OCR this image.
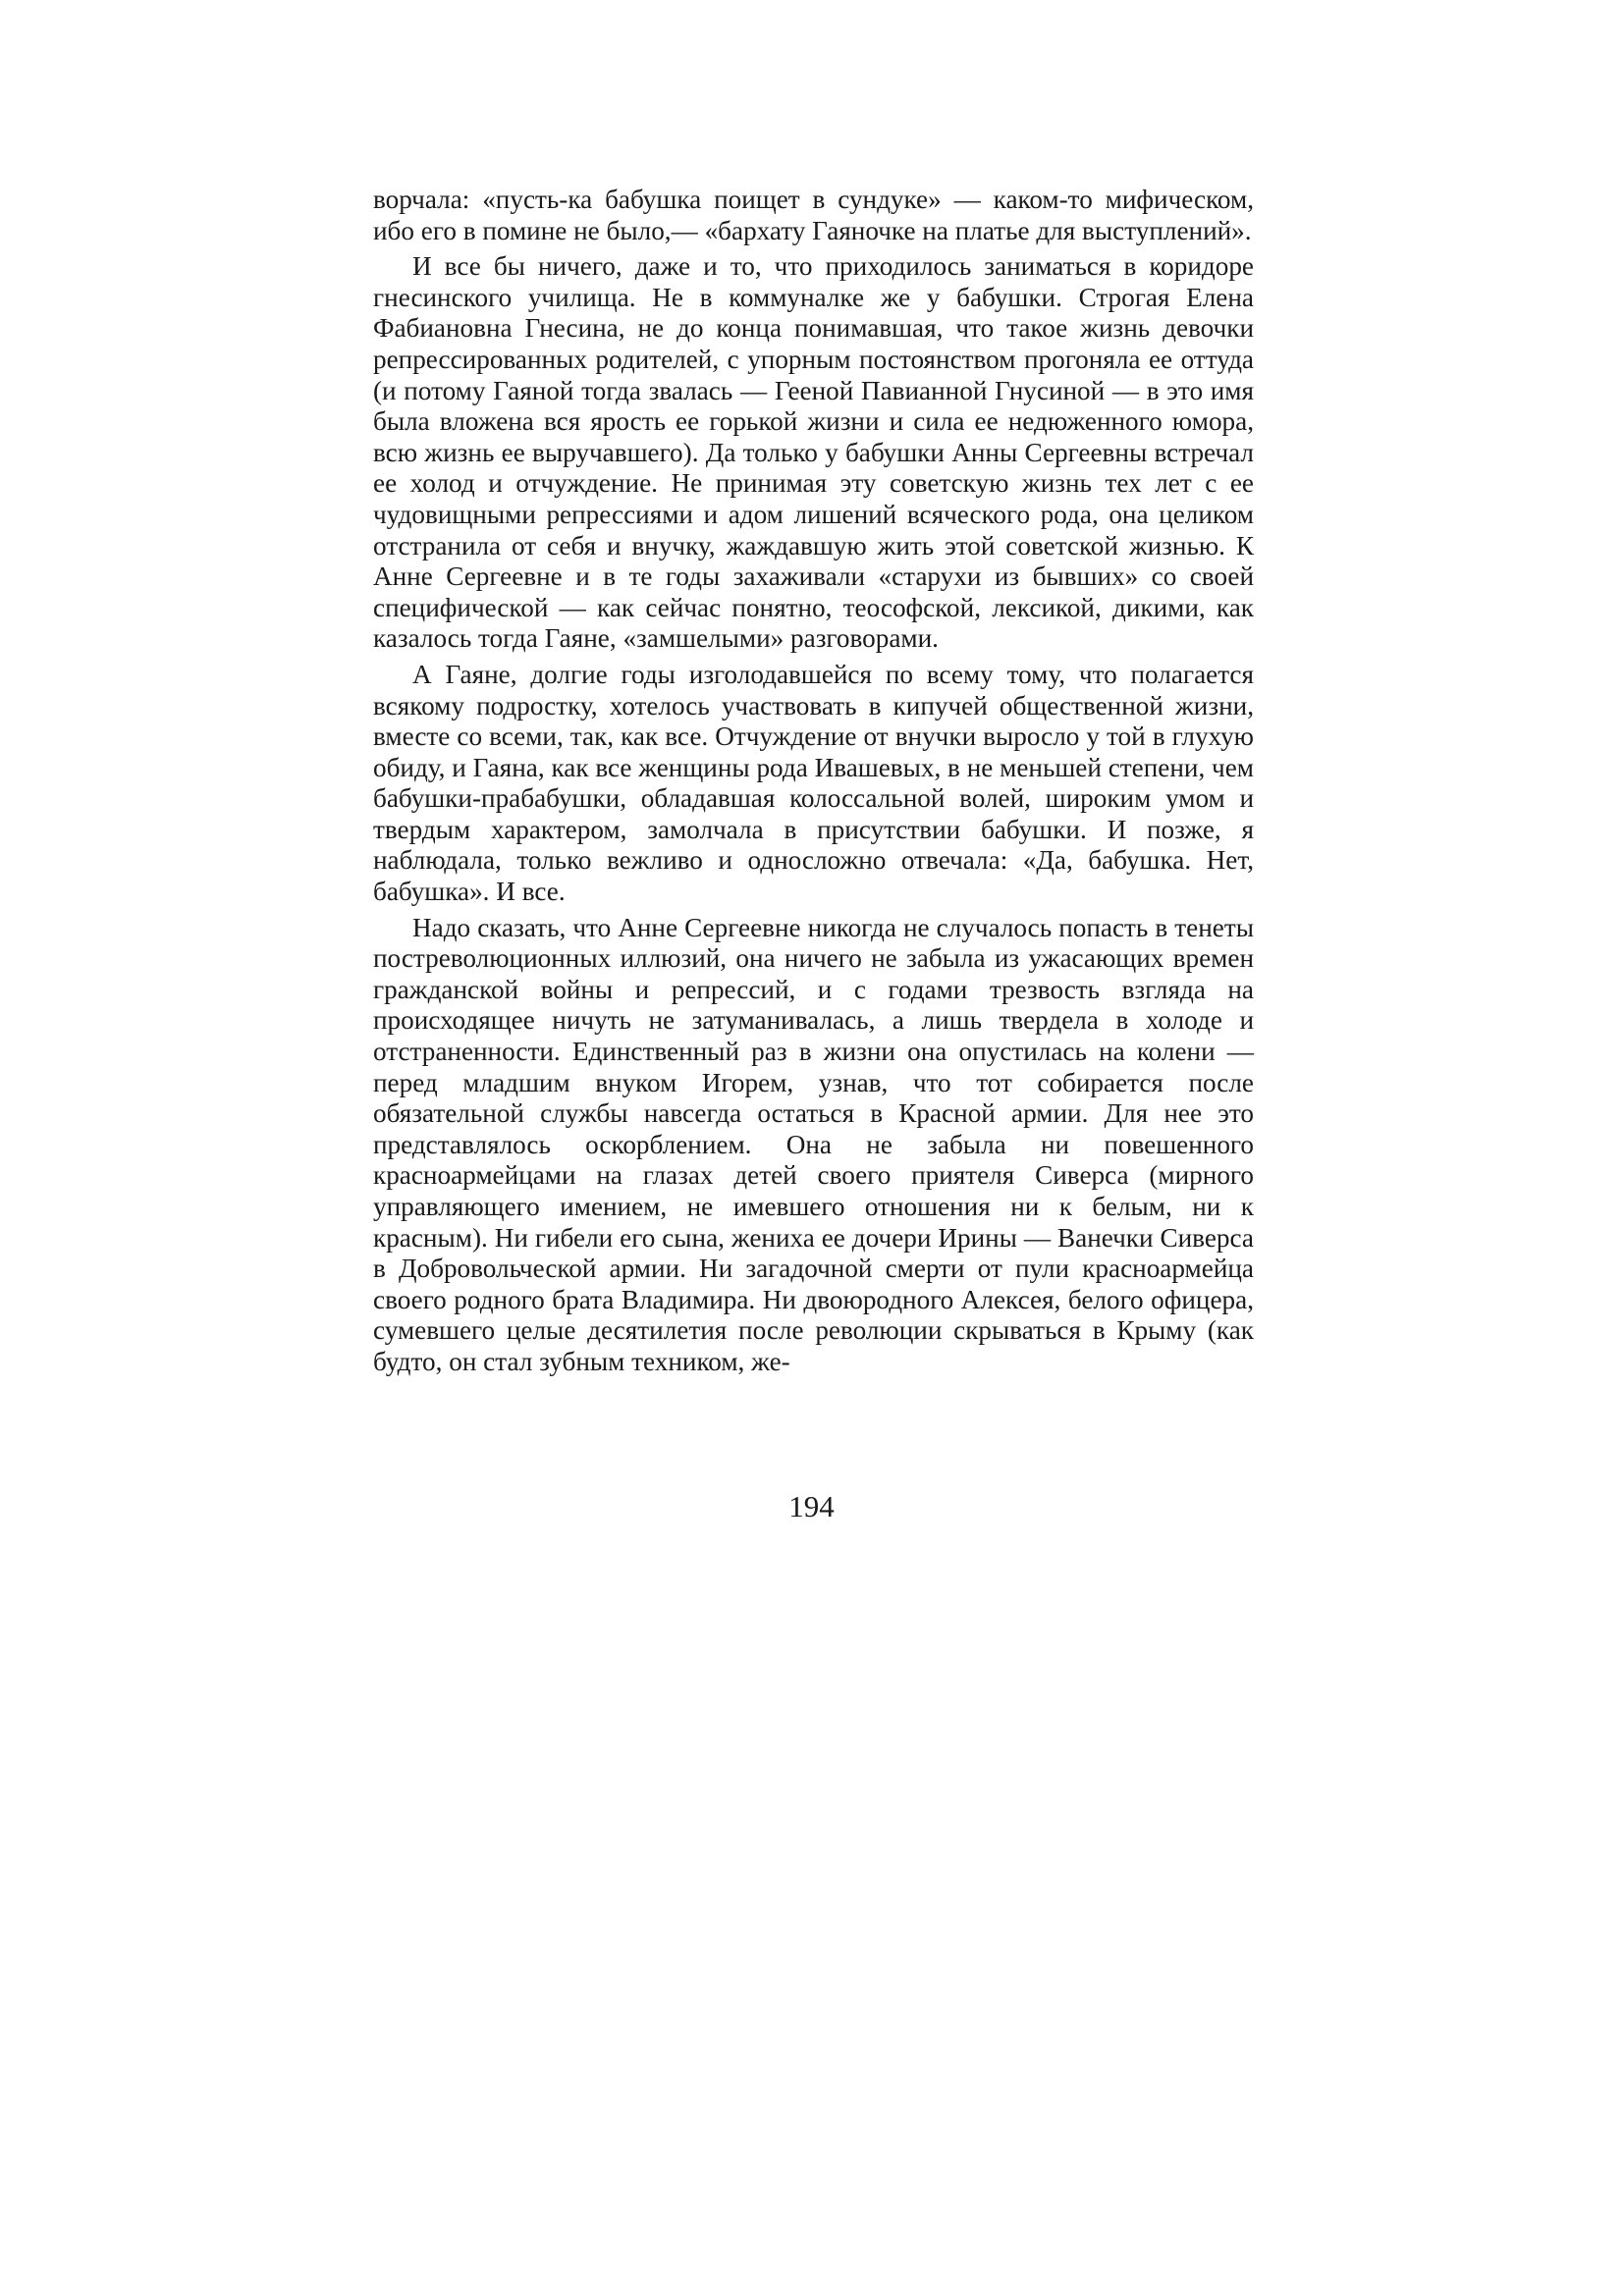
ворчала: «пусть-ка бабушка поищет в сундуке» — каком-то мифическом, ибо его в помине не было,— «бархату Гаяночке на платье для выступлений».

И все бы ничего, даже и то, что приходилось заниматься в коридоре гнесинского училища. Не в коммуналке же у бабушки. Строгая Елена Фабиановна Гнесина, не до конца понимавшая, что такое жизнь девочки репрессированных родителей, с упорным постоянством прогоняла ее оттуда (и потому Гаяной тогда звалась — Гееной Павианной Гнусиной — в это имя была вложена вся ярость ее горькой жизни и сила ее недюженного юмора, всю жизнь ее выручавшего). Да только у бабушки Анны Сергеевны встречал ее холод и отчуждение. Не принимая эту советскую жизнь тех лет с ее чудовищными репрессиями и адом лишений всяческого рода, она целиком отстранила от себя и внучку, жаждавшую жить этой советской жизнью. К Анне Сергеевне и в те годы захаживали «старухи из бывших» со своей специфической — как сейчас понятно, теософской, лексикой, дикими, как казалось тогда Гаяне, «замшелыми» разговорами.

А Гаяне, долгие годы изголодавшейся по всему тому, что полагается всякому подростку, хотелось участвовать в кипучей общественной жизни, вместе со всеми, так, как все. Отчуждение от внучки выросло у той в глухую обиду, и Гаяна, как все женщины рода Ивашевых, в не меньшей степени, чем бабушки-прабабушки, обладавшая колоссальной волей, широким умом и твердым характером, замолчала в присутствии бабушки. И позже, я наблюдала, только вежливо и односложно отвечала: «Да, бабушка. Нет, бабушка». И все.

Надо сказать, что Анне Сергеевне никогда не случалось попасть в тенеты постреволюционных иллюзий, она ничего не забыла из ужасающих времен гражданской войны и репрессий, и с годами трезвость взгляда на происходящее ничуть не затуманивалась, а лишь твердела в холоде и отстраненности. Единственный раз в жизни она опустилась на колени — перед младшим внуком Игорем, узнав, что тот собирается после обязательной службы навсегда остаться в Красной армии. Для нее это представлялось оскорблением. Она не забыла ни повешенного красноармейцами на глазах детей своего приятеля Сиверса (мирного управляющего имением, не имевшего отношения ни к белым, ни к красным). Ни гибели его сына, жениха ее дочери Ирины — Ванечки Сиверса в Добровольческой армии. Ни загадочной смерти от пули красноармейца своего родного брата Владимира. Ни двоюродного Алексея, белого офицера, сумевшего целые десятилетия после революции скрываться в Крыму (как будто, он стал зубным техником, же-

194
